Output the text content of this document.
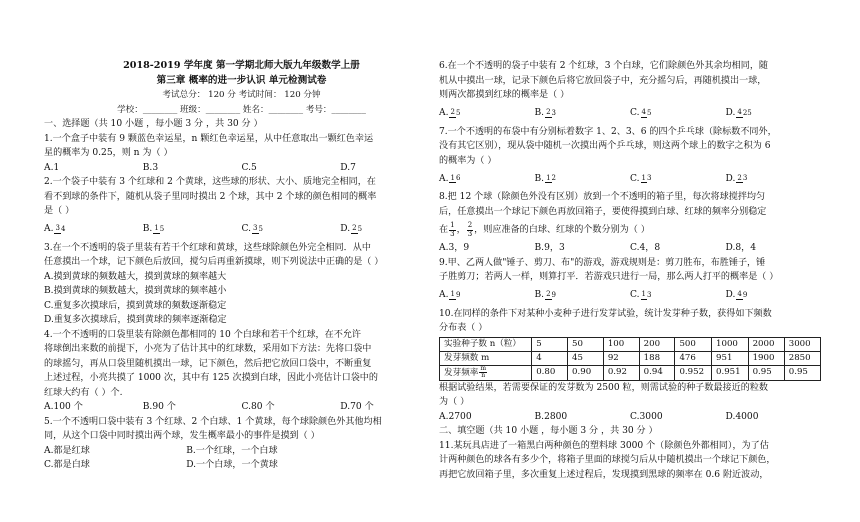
2018-2019 学年度 第一学期北师大版九年级数学上册
第三章 概率的进一步认识 单元检测试卷
考试总分： 120 分 考试时间： 120 分钟
学校：________ 班级：________ 姓名：________ 考号：________
一、选择题（共 10 小题 ，每小题 3 分 ，共 30 分 ）
1.一个盒子中装有 9 颗蓝色幸运星，n 颗红色幸运星，从中任意取出一颗红色幸运
星的概率为 0.25，则 n 为（ ）
A.1	B.3	C.5	D.7
2.一个袋子中装有 3 个红球和 2 个黄球，这些球的形状、大小、质地完全相同，在
看不到球的条件下，随机从袋子里同时摸出 2 个球，其中 2 个球的颜色相同的概率
是（ ）
A. 3 4	B. 1 5	C. 3 5	D. 2 5
3.在一个不透明的袋子里装有若干个红球和黄球，这些球除颜色外完全相同．从中
任意摸出一个球，记下颜色后放回，搅匀后再重新摸球，则下列说法中正确的是（ ）
A.摸到黄球的频数越大，摸到黄球的频率越大
B.摸到黄球的频数越大，摸到黄球的频率越小
C.重复多次摸球后，摸到黄球的频数逐渐稳定
D.重复多次摸球后，摸到黄球的频率逐渐稳定
4.一个不透明的口袋里装有除颜色都相同的 10 个白球和若干个红球，在不允许
将球倒出来数的前提下，小亮为了估计其中的红球数，采用如下方法：先将口袋中
的球摇匀，再从口袋里随机摸出一球，记下颜色，然后把它放回口袋中，不断重复
上述过程，小亮共摸了 1000 次，其中有 125 次摸到白球，因此小亮估计口袋中的
红球大约有（ ）个.
A.100 个	B.90 个	C.80 个	D.70 个
5.一个不透明口袋中装有 3 个红球、2 个白球、1 个黄球，每个球除颜色外其他均相
同，从这个口袋中同时摸出两个球，发生概率最小的事件是摸到（ ）
A.都是红球	B.一个红球，一个白球
C.都是白球	D.一个白球，一个黄球
6.在一个不透明的袋子中装有 2 个红球，3 个白球，它们除颜色外其余均相同，随
机从中摸出一球，记录下颜色后将它放回袋子中，充分摇匀后，再随机摸出一球，
则两次都摸到红球的概率是（ ）
A. 2 5	B. 2 3	C. 4 5	D. 4 25
7.一个不透明的布袋中有分别标着数字 1、2、3、6 的四个乒乓球（除标数不同外，
没有其它区别），现从袋中随机一次摸出两个乒乓球，则这两个球上的数字之积为 6
的概率为（ ）
A. 1 6	B. 1 2	C. 1 3	D. 2 3
8.把 12 个球（除颜色外没有区别）放到一个不透明的箱子里，每次将球搅拌均匀
后，任意摸出一个球记下颜色再放回箱子，要使得摸到白球、红球的频率分别稳定
在 $\frac{1}{3}$ ， $\frac{2}{3}$ ，则应准备的白球、红球的个数分别为（ ）
A.3，9	B.9，3	C.4，8	D.8，4
9.甲、乙两人做"锤子、剪刀、布"的游戏，游戏规则是：剪刀胜布，布胜锤子，锤
子胜剪刀；若两人一样，则算打平．若游戏只进行一局，那么两人打平的概率是（ ）
A. 1 9	B. 2 9	C. 1 3	D. 4 9
10.在同样的条件下对某种小麦种子进行发芽试验，统计发芽种子数，获得如下频数
分布表（ ）
实验种子数 n（粒）	5	50	100	200	500	1000	2000	3000
发芽频数 m	4	45	92	188	476	951	1900	2850
发芽频率 $\frac{m}{n}$	0.80	0.90	0.92	0.94	0.952	0.951	0.95	0.95
根据试验结果，若需要保证的发芽数为 2500 粒，则需试验的种子数最接近的粒数
为（ ）
A.2700	B.2800	C.3000	D.4000
二、填空题（共 10 小题 ，每小题 3 分 ，共 30 分 ）
11.某玩具店进了一箱黑白两种颜色的塑料球 3000 个（除颜色外都相同），为了估
计两种颜色的球各有多少个，将箱子里面的球搅匀后从中随机摸出一个球记下颜色，
再把它放回箱子里，多次重复上述过程后，发现摸到黑球的频率在 0.6 附近波动，
